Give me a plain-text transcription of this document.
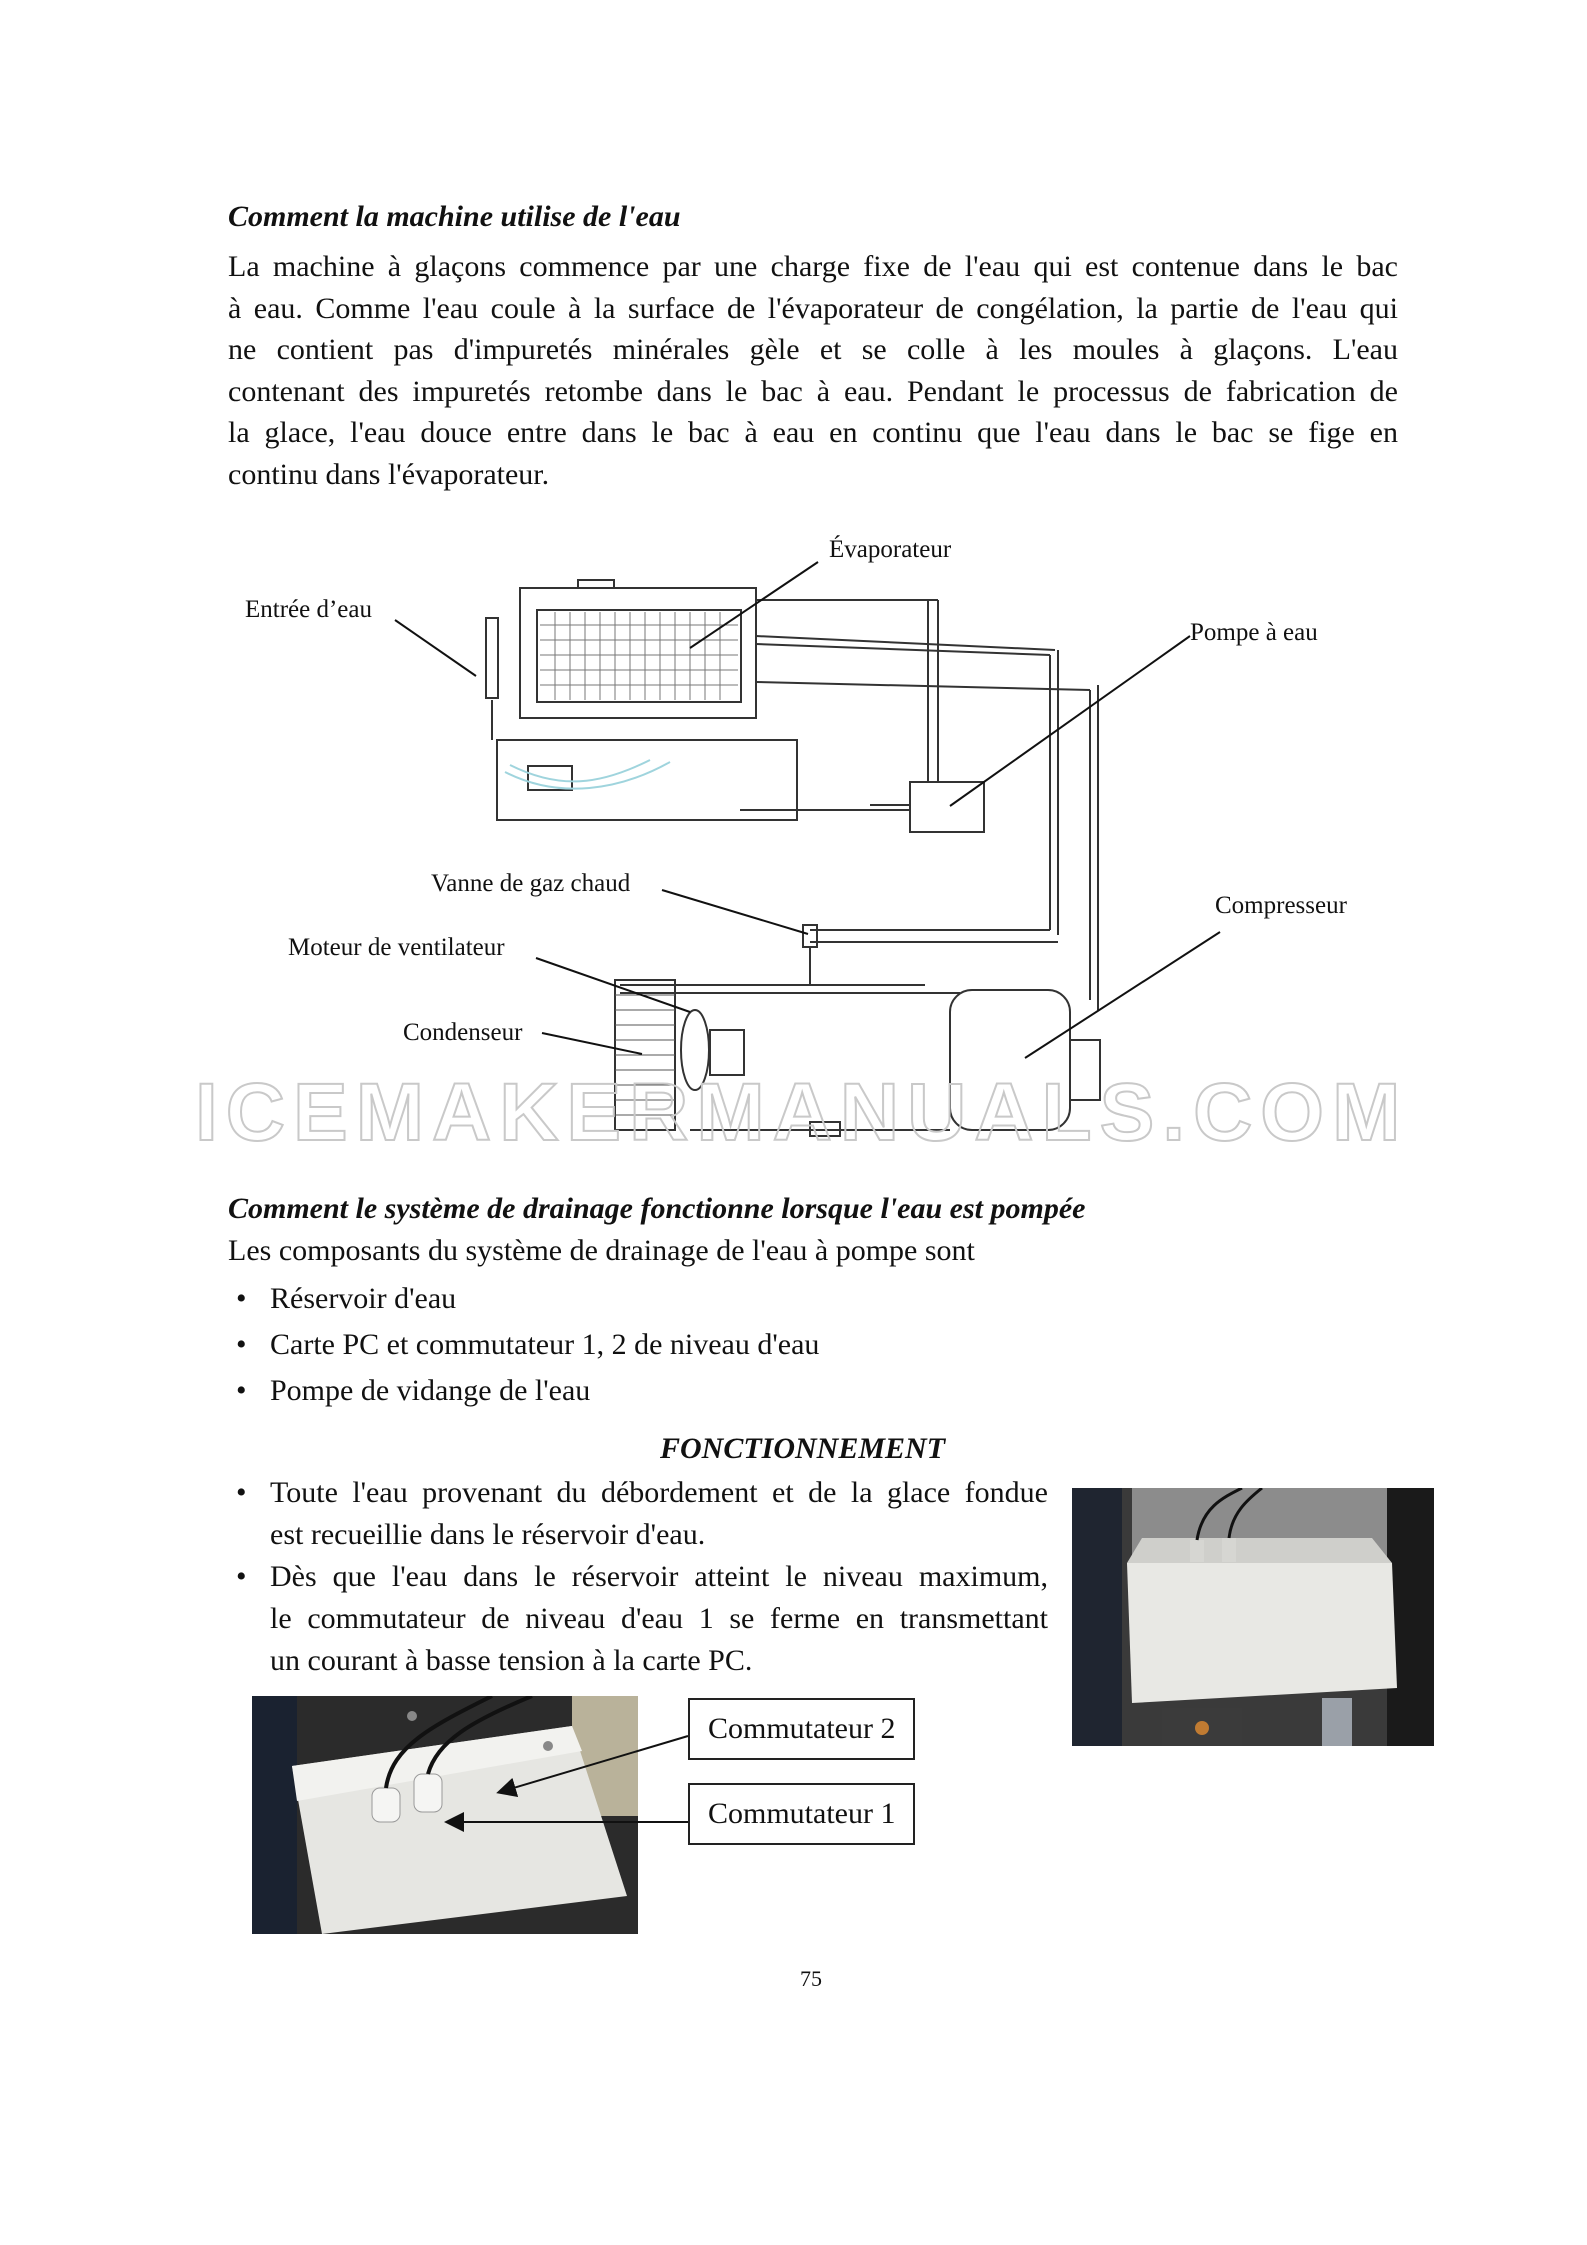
Comment la machine utilise de l'eau
La machine à glaçons commence par une charge fixe de l'eau qui est contenue dans le bac
à eau. Comme l'eau coule à la surface de l'évaporateur de congélation, la partie de l'eau qui
ne contient pas d'impuretés minérales gèle et se colle à les moules à glaçons. L'eau
contenant des impuretés retombe dans le bac à eau. Pendant le processus de fabrication de
la glace, l'eau douce entre dans le bac à eau en continu que l'eau dans le bac se fige en
continu dans l'évaporateur.
Évaporateur
Entrée d’eau
Pompe à eau
Vanne de gaz chaud
Compresseur
Moteur de ventilateur
Condenseur
ICEMAKERMANUALS.COM
Comment le système de drainage fonctionne lorsque l'eau est pompée
Les composants du système de drainage de l'eau à pompe sont
• Réservoir d'eau
• Carte PC et commutateur 1, 2 de niveau d'eau
• Pompe de vidange de l'eau
FONCTIONNEMENT
• Toute l'eau provenant du débordement et de la glace fondue
est recueillie dans le réservoir d'eau.
• Dès que l'eau dans le réservoir atteint le niveau maximum,
le commutateur de niveau d'eau 1 se ferme en transmettant
un courant à basse tension à la carte PC.
Commutateur 2
Commutateur 1
75
